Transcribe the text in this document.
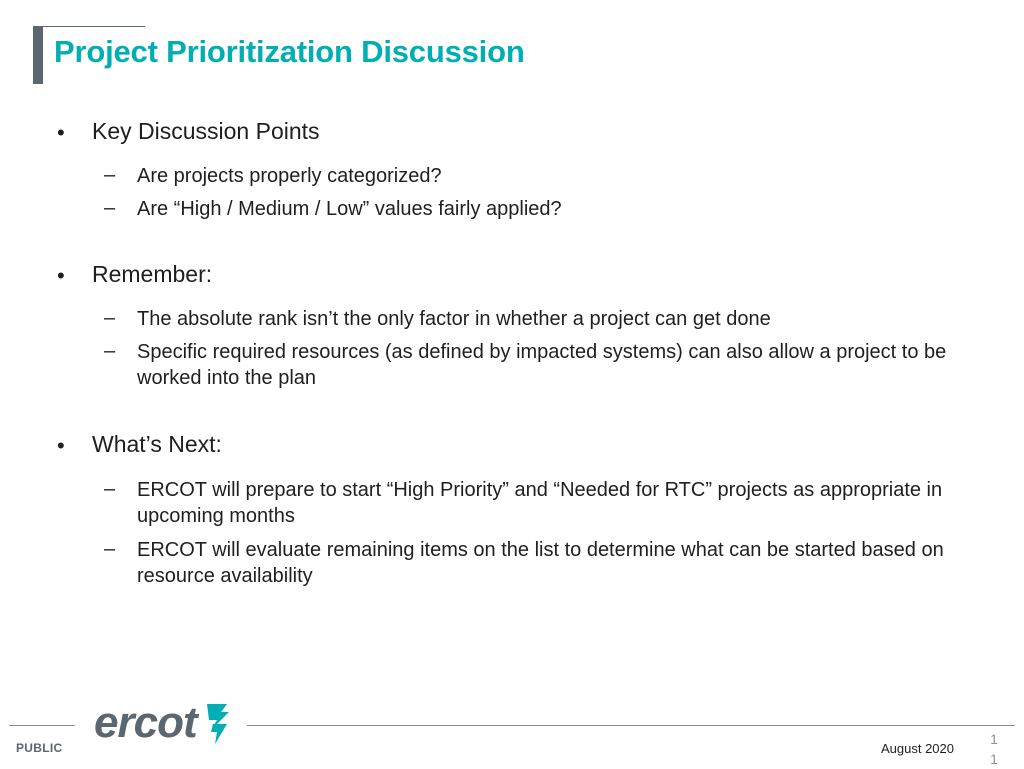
Project Prioritization Discussion
• Key Discussion Points
– Are projects properly categorized?
– Are “High / Medium / Low” values fairly applied?
• Remember:
– The absolute rank isn’t the only factor in whether a project can get done
– Specific required resources (as defined by impacted systems) can also allow a project to be worked into the plan
• What’s Next:
– ERCOT will prepare to start “High Priority” and “Needed for RTC” projects as appropriate in upcoming months
– ERCOT will evaluate remaining items on the list to determine what can be started based on resource availability
ercot
PUBLIC	August 2020
11
